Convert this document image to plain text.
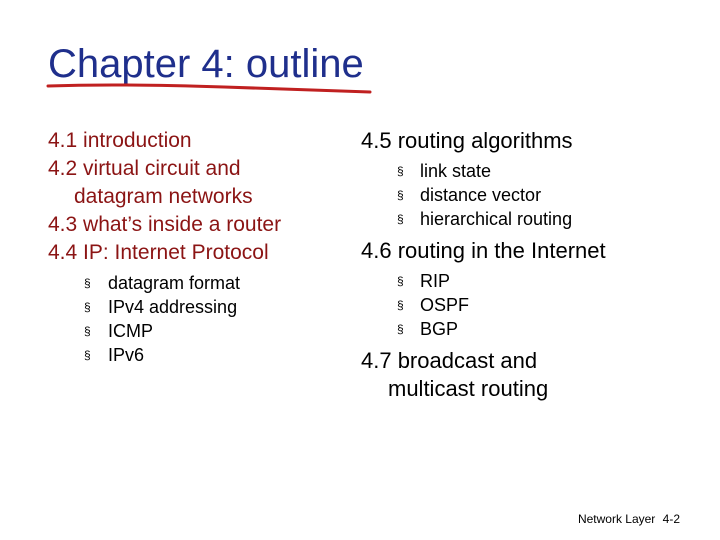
Chapter 4: outline
4.1 introduction
4.2 virtual circuit and
datagram networks
4.3 what’s inside a router
4.4 IP: Internet Protocol
§ datagram format
§ IPv4 addressing
§ ICMP
§ IPv6
4.5 routing algorithms
§ link state
§ distance vector
§ hierarchical routing
4.6 routing in the Internet
§ RIP
§ OSPF
§ BGP
4.7 broadcast and
multicast routing
Network Layer 4-2
